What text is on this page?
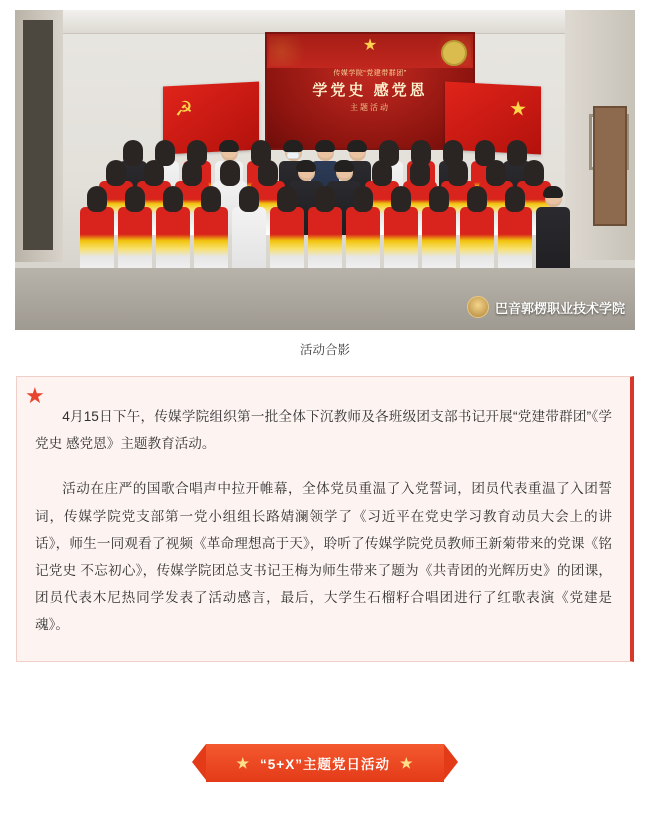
★
传媒学院“党建带群团”
学党史 感党恩
主题活动
☭	★
巴音郭楞职业技术学院
活动合影
★

4月15日下午，传媒学院组织第一批全体下沉教师及各班级团支部书记开展“党建带群团”《学党史 感党恩》主题教育活动。

活动在庄严的国歌合唱声中拉开帷幕，全体党员重温了入党誓词，团员代表重温了入团誓词，传媒学院党支部第一党小组组长路婧澜领学了《习近平在党史学习教育动员大会上的讲话》，师生一同观看了视频《革命理想高于天》，聆听了传媒学院党员教师王新菊带来的党课《铭记党史 不忘初心》，传媒学院团总支书记王梅为师生带来了题为《共青团的光辉历史》的团课，团员代表木尼热同学发表了活动感言，最后，大学生石榴籽合唱团进行了红歌表演《党建是魂》。

★ “5+X”主题党日活动 ★
